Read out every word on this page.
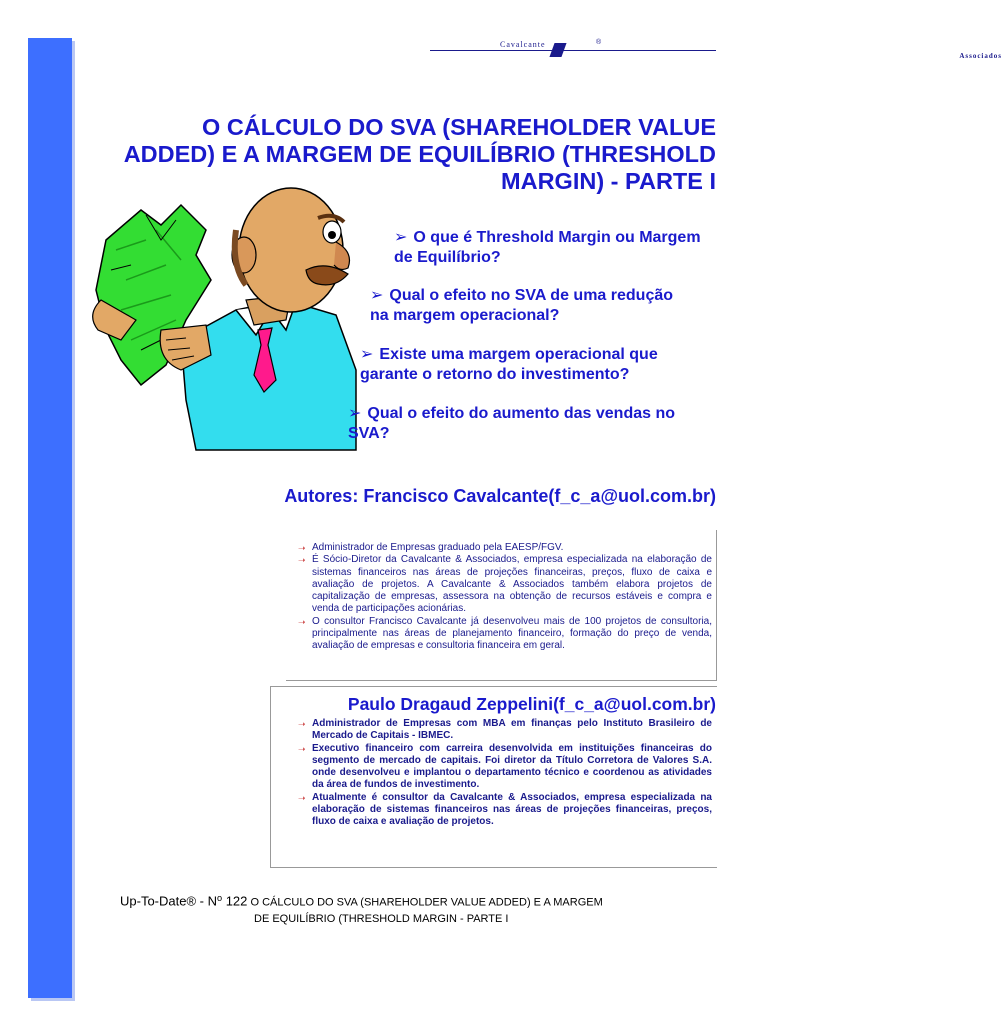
Cavalcante
Associados
®
O CÁLCULO DO SVA (SHAREHOLDER VALUE ADDED) E A MARGEM DE EQUILÍBRIO (THRESHOLD MARGIN) - PARTE I
➢ O que é Threshold Margin ou Margem de Equilíbrio?
➢ Qual o efeito no SVA de uma redução na margem operacional?
➢ Existe uma margem operacional que garante o retorno do investimento?
➢ Qual o efeito do aumento das vendas no SVA?
Autores: Francisco Cavalcante(f_c_a@uol.com.br)
➝ Administrador de Empresas graduado pela EAESP/FGV.
➝ É Sócio-Diretor da Cavalcante & Associados, empresa especializada na elaboração de sistemas financeiros nas áreas de projeções financeiras, preços, fluxo de caixa e avaliação de projetos. A Cavalcante & Associados também elabora projetos de capitalização de empresas, assessora na obtenção de recursos estáveis e compra e venda de participações acionárias.
➝ O consultor Francisco Cavalcante já desenvolveu mais de 100 projetos de consultoria, principalmente nas áreas de planejamento financeiro, formação do preço de venda, avaliação de empresas e consultoria financeira em geral.
Paulo Dragaud Zeppelini(f_c_a@uol.com.br)
➝ Administrador de Empresas com MBA em finanças pelo Instituto Brasileiro de Mercado de Capitais - IBMEC.
➝ Executivo financeiro com carreira desenvolvida em instituições financeiras do segmento de mercado de capitais. Foi diretor da Título Corretora de Valores S.A. onde desenvolveu e implantou o departamento técnico e coordenou as atividades da área de fundos de investimento.
➝ Atualmente é consultor da Cavalcante & Associados, empresa especializada na elaboração de sistemas financeiros nas áreas de projeções financeiras, preços, fluxo de caixa e avaliação de projetos.
Up-To-Date® - $N^o$ 122 O CÁLCULO DO SVA (SHAREHOLDER VALUE ADDED) E A MARGEM
DE EQUILÍBRIO (THRESHOLD MARGIN - PARTE I
